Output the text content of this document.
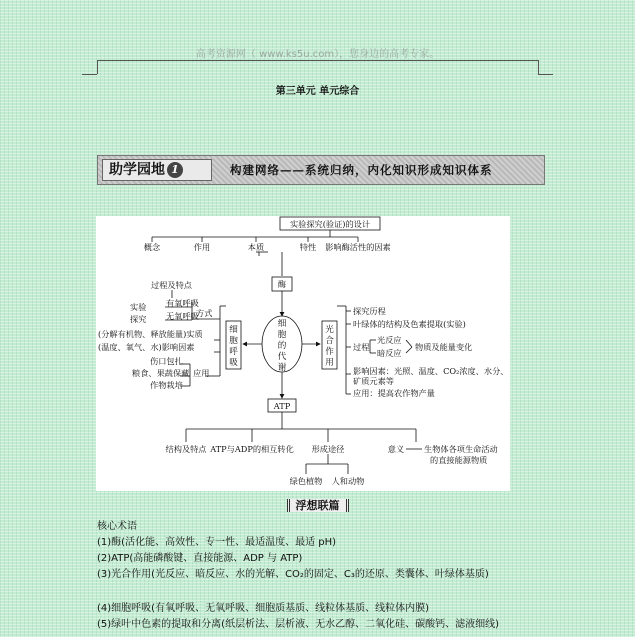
高考资源网（ www.ks5u.com），您身边的高考专家。
第三单元 单元综合
助学园地 1	构建网络——系统归纳，内化知识形成知识体系
实验探究(验证)的设计
概念	作用	本质	特性 影响酶活性的因素
酶
ATP
过程及特点
实验
探究
有氧呼吸
无氧呼吸
方式
(分解有机物、释放能量)实质
(温度、氧气、水)影响因素
伤口包扎
粮食、果蔬保藏
作物栽培
应用
探究历程
叶绿体的结构及色素提取(实验)
过程
光反应
暗反应
物质及能量变化
影响因素：光照、温度、CO₂浓度、水分、
矿质元素等
应用：提高农作物产量
结构及特点 ATP与ADP的相互转化 形成途径	意义 生物体各项生命活动
的直接能源物质
绿色植物 人和动物
细胞的代谢
细胞呼吸
光合作用
浮想联篇
核心术语
(1)酶(活化能、高效性、专一性、最适温度、最适 pH)
(2)ATP(高能磷酸键、直接能源、ADP 与 ATP)
(3)光合作用(光反应、暗反应、水的光解、CO₂的固定、C₃的还原、类囊体、叶绿体基质)
(4)细胞呼吸(有氧呼吸、无氧呼吸、细胞质基质、线粒体基质、线粒体内膜)
(5)绿叶中色素的提取和分离(纸层析法、层析液、无水乙醇、二氧化硅、碳酸钙、滤液细线)
